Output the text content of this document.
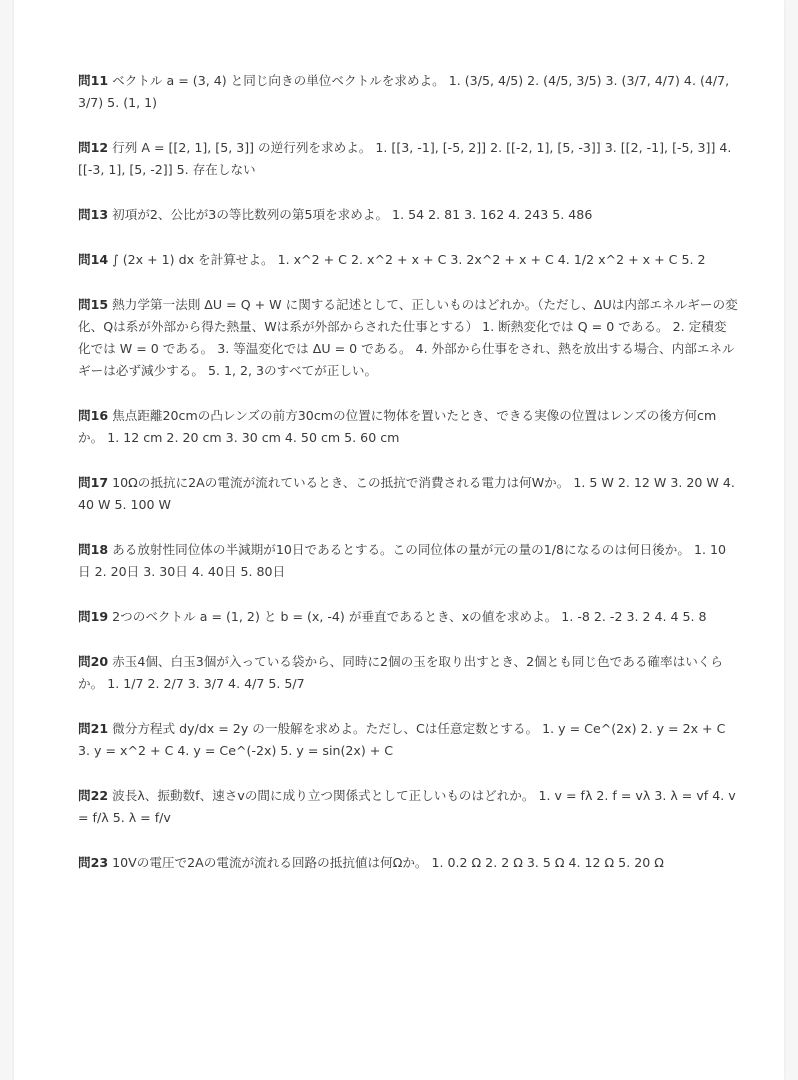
問11 ベクトル a = (3, 4) と同じ向きの単位ベクトルを求めよ。 1. (3/5, 4/5) 2. (4/5, 3/5) 3. (3/7, 4/7) 4. (4/7, 3/7) 5. (1, 1)

問12 行列 A = [[2, 1], [5, 3]] の逆行列を求めよ。 1. [[3, -1], [-5, 2]] 2. [[-2, 1], [5, -3]] 3. [[2, -1], [-5, 3]] 4. [[-3, 1], [5, -2]] 5. 存在しない

問13 初項が2、公比が3の等比数列の第5項を求めよ。 1. 54 2. 81 3. 162 4. 243 5. 486

問14 ∫ (2x + 1) dx を計算せよ。 1. x^2 + C 2. x^2 + x + C 3. 2x^2 + x + C 4. 1/2 x^2 + x + C 5. 2

問15 熱力学第一法則 ΔU = Q + W に関する記述として、正しいものはどれか。（ただし、ΔUは内部エネルギーの変化、Qは系が外部から得た熱量、Wは系が外部からされた仕事とする） 1. 断熱変化では Q = 0 である。 2. 定積変化では W = 0 である。 3. 等温変化では ΔU = 0 である。 4. 外部から仕事をされ、熱を放出する場合、内部エネルギーは必ず減少する。 5. 1, 2, 3のすべてが正しい。

問16 焦点距離20cmの凸レンズの前方30cmの位置に物体を置いたとき、できる実像の位置はレンズの後方何cmか。 1. 12 cm 2. 20 cm 3. 30 cm 4. 50 cm 5. 60 cm

問17 10Ωの抵抗に2Aの電流が流れているとき、この抵抗で消費される電力は何Wか。 1. 5 W 2. 12 W 3. 20 W 4. 40 W 5. 100 W

問18 ある放射性同位体の半減期が10日であるとする。この同位体の量が元の量の1/8になるのは何日後か。 1. 10日 2. 20日 3. 30日 4. 40日 5. 80日

問19 2つのベクトル a = (1, 2) と b = (x, -4) が垂直であるとき、xの値を求めよ。 1. -8 2. -2 3. 2 4. 4 5. 8

問20 赤玉4個、白玉3個が入っている袋から、同時に2個の玉を取り出すとき、2個とも同じ色である確率はいくらか。 1. 1/7 2. 2/7 3. 3/7 4. 4/7 5. 5/7

問21 微分方程式 dy/dx = 2y の一般解を求めよ。ただし、Cは任意定数とする。 1. y = Ce^(2x) 2. y = 2x + C 3. y = x^2 + C 4. y = Ce^(-2x) 5. y = sin(2x) + C

問22 波長λ、振動数f、速さvの間に成り立つ関係式として正しいものはどれか。 1. v = fλ 2. f = vλ 3. λ = vf 4. v = f/λ 5. λ = f/v

問23 10Vの電圧で2Aの電流が流れる回路の抵抗値は何Ωか。 1. 0.2 Ω 2. 2 Ω 3. 5 Ω 4. 12 Ω 5. 20 Ω
